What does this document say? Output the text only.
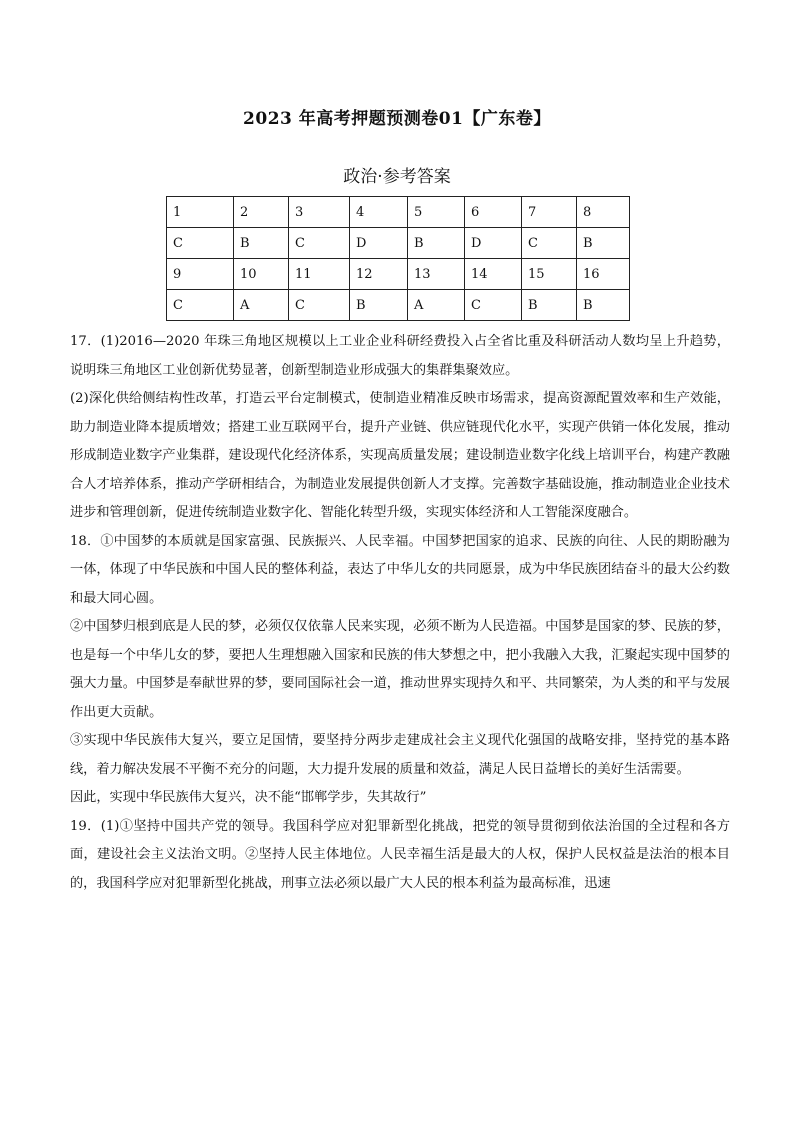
2023 年高考押题预测卷01【广东卷】
政治·参考答案
1	2	3	4	5	6	7	8
C	B	C	D	B	D	C	B
9	10	11	12	13	14	15	16
C	A	C	B	A	C	B	B

17．(1)2016—2020 年珠三角地区规模以上工业企业科研经费投入占全省比重及科研活动人数均呈上升趋势，说明珠三角地区工业创新优势显著，创新型制造业形成强大的集群集聚效应。

(2)深化供给侧结构性改革，打造云平台定制模式，使制造业精准反映市场需求，提高资源配置效率和生产效能，助力制造业降本提质增效；搭建工业互联网平台，提升产业链、供应链现代化水平，实现产供销一体化发展，推动形成制造业数字产业集群，建设现代化经济体系，实现高质量发展；建设制造业数字化线上培训平台，构建产教融合人才培养体系，推动产学研相结合，为制造业发展提供创新人才支撑。完善数字基础设施，推动制造业企业技术进步和管理创新，促进传统制造业数字化、智能化转型升级，实现实体经济和人工智能深度融合。

18．①中国梦的本质就是国家富强、民族振兴、人民幸福。中国梦把国家的追求、民族的向往、人民的期盼融为一体，体现了中华民族和中国人民的整体利益，表达了中华儿女的共同愿景，成为中华民族团结奋斗的最大公约数和最大同心圆。

②中国梦归根到底是人民的梦，必须仅仅依靠人民来实现，必须不断为人民造福。中国梦是国家的梦、民族的梦，也是每一个中华儿女的梦，要把人生理想融入国家和民族的伟大梦想之中，把小我融入大我，汇聚起实现中国梦的强大力量。中国梦是奉献世界的梦，要同国际社会一道，推动世界实现持久和平、共同繁荣，为人类的和平与发展作出更大贡献。

③实现中华民族伟大复兴，要立足国情，要坚持分两步走建成社会主义现代化强国的战略安排，坚持党的基本路线，着力解决发展不平衡不充分的问题，大力提升发展的质量和效益，满足人民日益增长的美好生活需要。

因此，实现中华民族伟大复兴，决不能“邯郸学步，失其故行”

19．(1)①坚持中国共产党的领导。我国科学应对犯罪新型化挑战，把党的领导贯彻到依法治国的全过程和各方面，建设社会主义法治文明。②坚持人民主体地位。人民幸福生活是最大的人权，保护人民权益是法治的根本目的，我国科学应对犯罪新型化挑战，刑事立法必须以最广大人民的根本利益为最高标准，迅速
